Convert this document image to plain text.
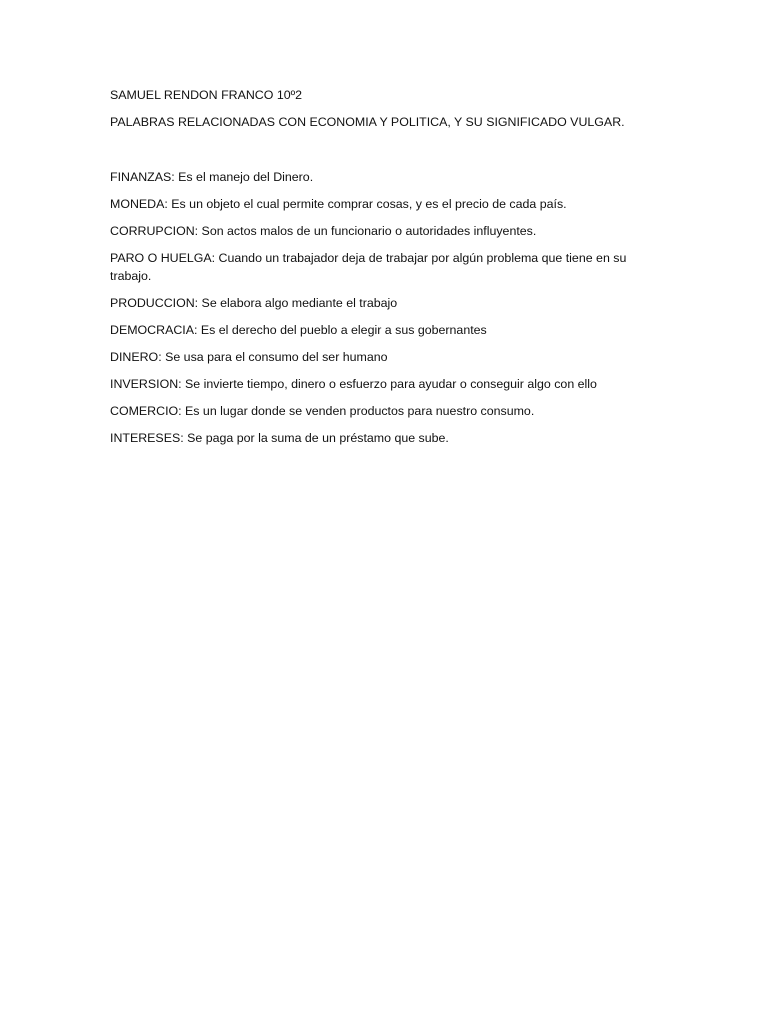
SAMUEL RENDON FRANCO 10º2

PALABRAS RELACIONADAS CON ECONOMIA Y POLITICA, Y SU SIGNIFICADO VULGAR.

FINANZAS: Es el manejo del Dinero.

MONEDA: Es un objeto el cual permite comprar cosas, y es el precio de cada país.

CORRUPCION: Son actos malos de un funcionario o autoridades influyentes.

PARO O HUELGA: Cuando un trabajador deja de trabajar por algún problema que tiene en su trabajo.

PRODUCCION: Se elabora algo mediante el trabajo

DEMOCRACIA: Es el derecho del pueblo a elegir a sus gobernantes

DINERO: Se usa para el consumo del ser humano

INVERSION: Se invierte tiempo, dinero o esfuerzo para ayudar o conseguir algo con ello

COMERCIO: Es un lugar donde se venden productos para nuestro consumo.

INTERESES: Se paga por la suma de un préstamo que sube.
